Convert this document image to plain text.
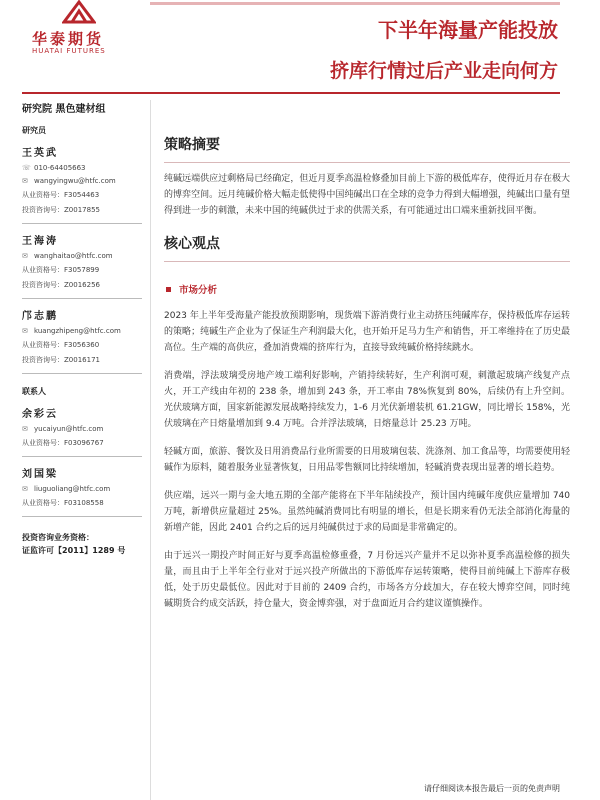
华泰期货
HUATAI FUTURES
下半年海量产能投放
挤库行情过后产业走向何方
研究院 黑色建材组
研究员
王英武
☏ 010-64405663
✉ wangyingwu@htfc.com
从业资格号：F3054463
投资咨询号：Z0017855
王海涛
✉ wanghaitao@htfc.com
从业资格号：F3057899
投资咨询号：Z0016256
邝志鹏
✉ kuangzhipeng@htfc.com
从业资格号：F3056360
投资咨询号：Z0016171
联系人
余彩云
✉ yucaiyun@htfc.com
从业资格号：F03096767
刘国梁
✉ liuguoliang@htfc.com
从业资格号：F03108558
投资咨询业务资格：
证监许可【2011】1289 号
策略摘要
纯碱远端供应过剩格局已经确定，但近月夏季高温检修叠加目前上下游的极低库存，使得近月存在极大的博弈空间。远月纯碱价格大幅走低使得中国纯碱出口在全球的竞争力得到大幅增强，纯碱出口量有望得到进一步的刺激，未来中国的纯碱供过于求的供需关系，有可能通过出口端来重新找回平衡。
核心观点
市场分析
2023 年上半年受海量产能投放预期影响，现货端下游消费行业主动挤压纯碱库存，保持极低库存运转的策略；纯碱生产企业为了保证生产利润最大化，也开始开足马力生产和销售，开工率维持在了历史最高位。生产端的高供应，叠加消费端的挤库行为，直接导致纯碱价格持续跳水。
消费端，浮法玻璃受房地产竣工端利好影响，产销持续转好，生产利润可观，刺激起玻璃产线复产点火，开工产线由年初的 238 条，增加到 243 条，开工率由 78%恢复到 80%，后续仍有上升空间。光伏玻璃方面，国家新能源发展战略持续发力，1-6 月光伏新增装机 61.21GW，同比增长 158%，光伏玻璃在产日熔量增加到 9.4 万吨。合并浮法玻璃，日熔量总计 25.23 万吨。
轻碱方面，旅游、餐饮及日用消费品行业所需要的日用玻璃包装、洗涤剂、加工食品等，均需要使用轻碱作为原料，随着服务业显著恢复，日用品零售额同比持续增加，轻碱消费表现出显著的增长趋势。
供应端，远兴一期与金大地五期的全部产能将在下半年陆续投产，预计国内纯碱年度供应量增加 740 万吨，新增供应量超过 25%。虽然纯碱消费同比有明显的增长，但是长期来看仍无法全部消化海量的新增产能，因此 2401 合约之后的远月纯碱供过于求的局面是非常确定的。
由于远兴一期投产时间正好与夏季高温检修重叠，7 月份远兴产量并不足以弥补夏季高温检修的损失量，而且由于上半年全行业对于远兴投产所做出的下游低库存运转策略，使得目前纯碱上下游库存极低，处于历史最低位。因此对于目前的 2409 合约，市场各方分歧加大，存在较大博弈空间，同时纯碱期货合约成交活跃，持仓量大，资金博弈强，对于盘面近月合约建议谨慎操作。
请仔细阅读本报告最后一页的免责声明
